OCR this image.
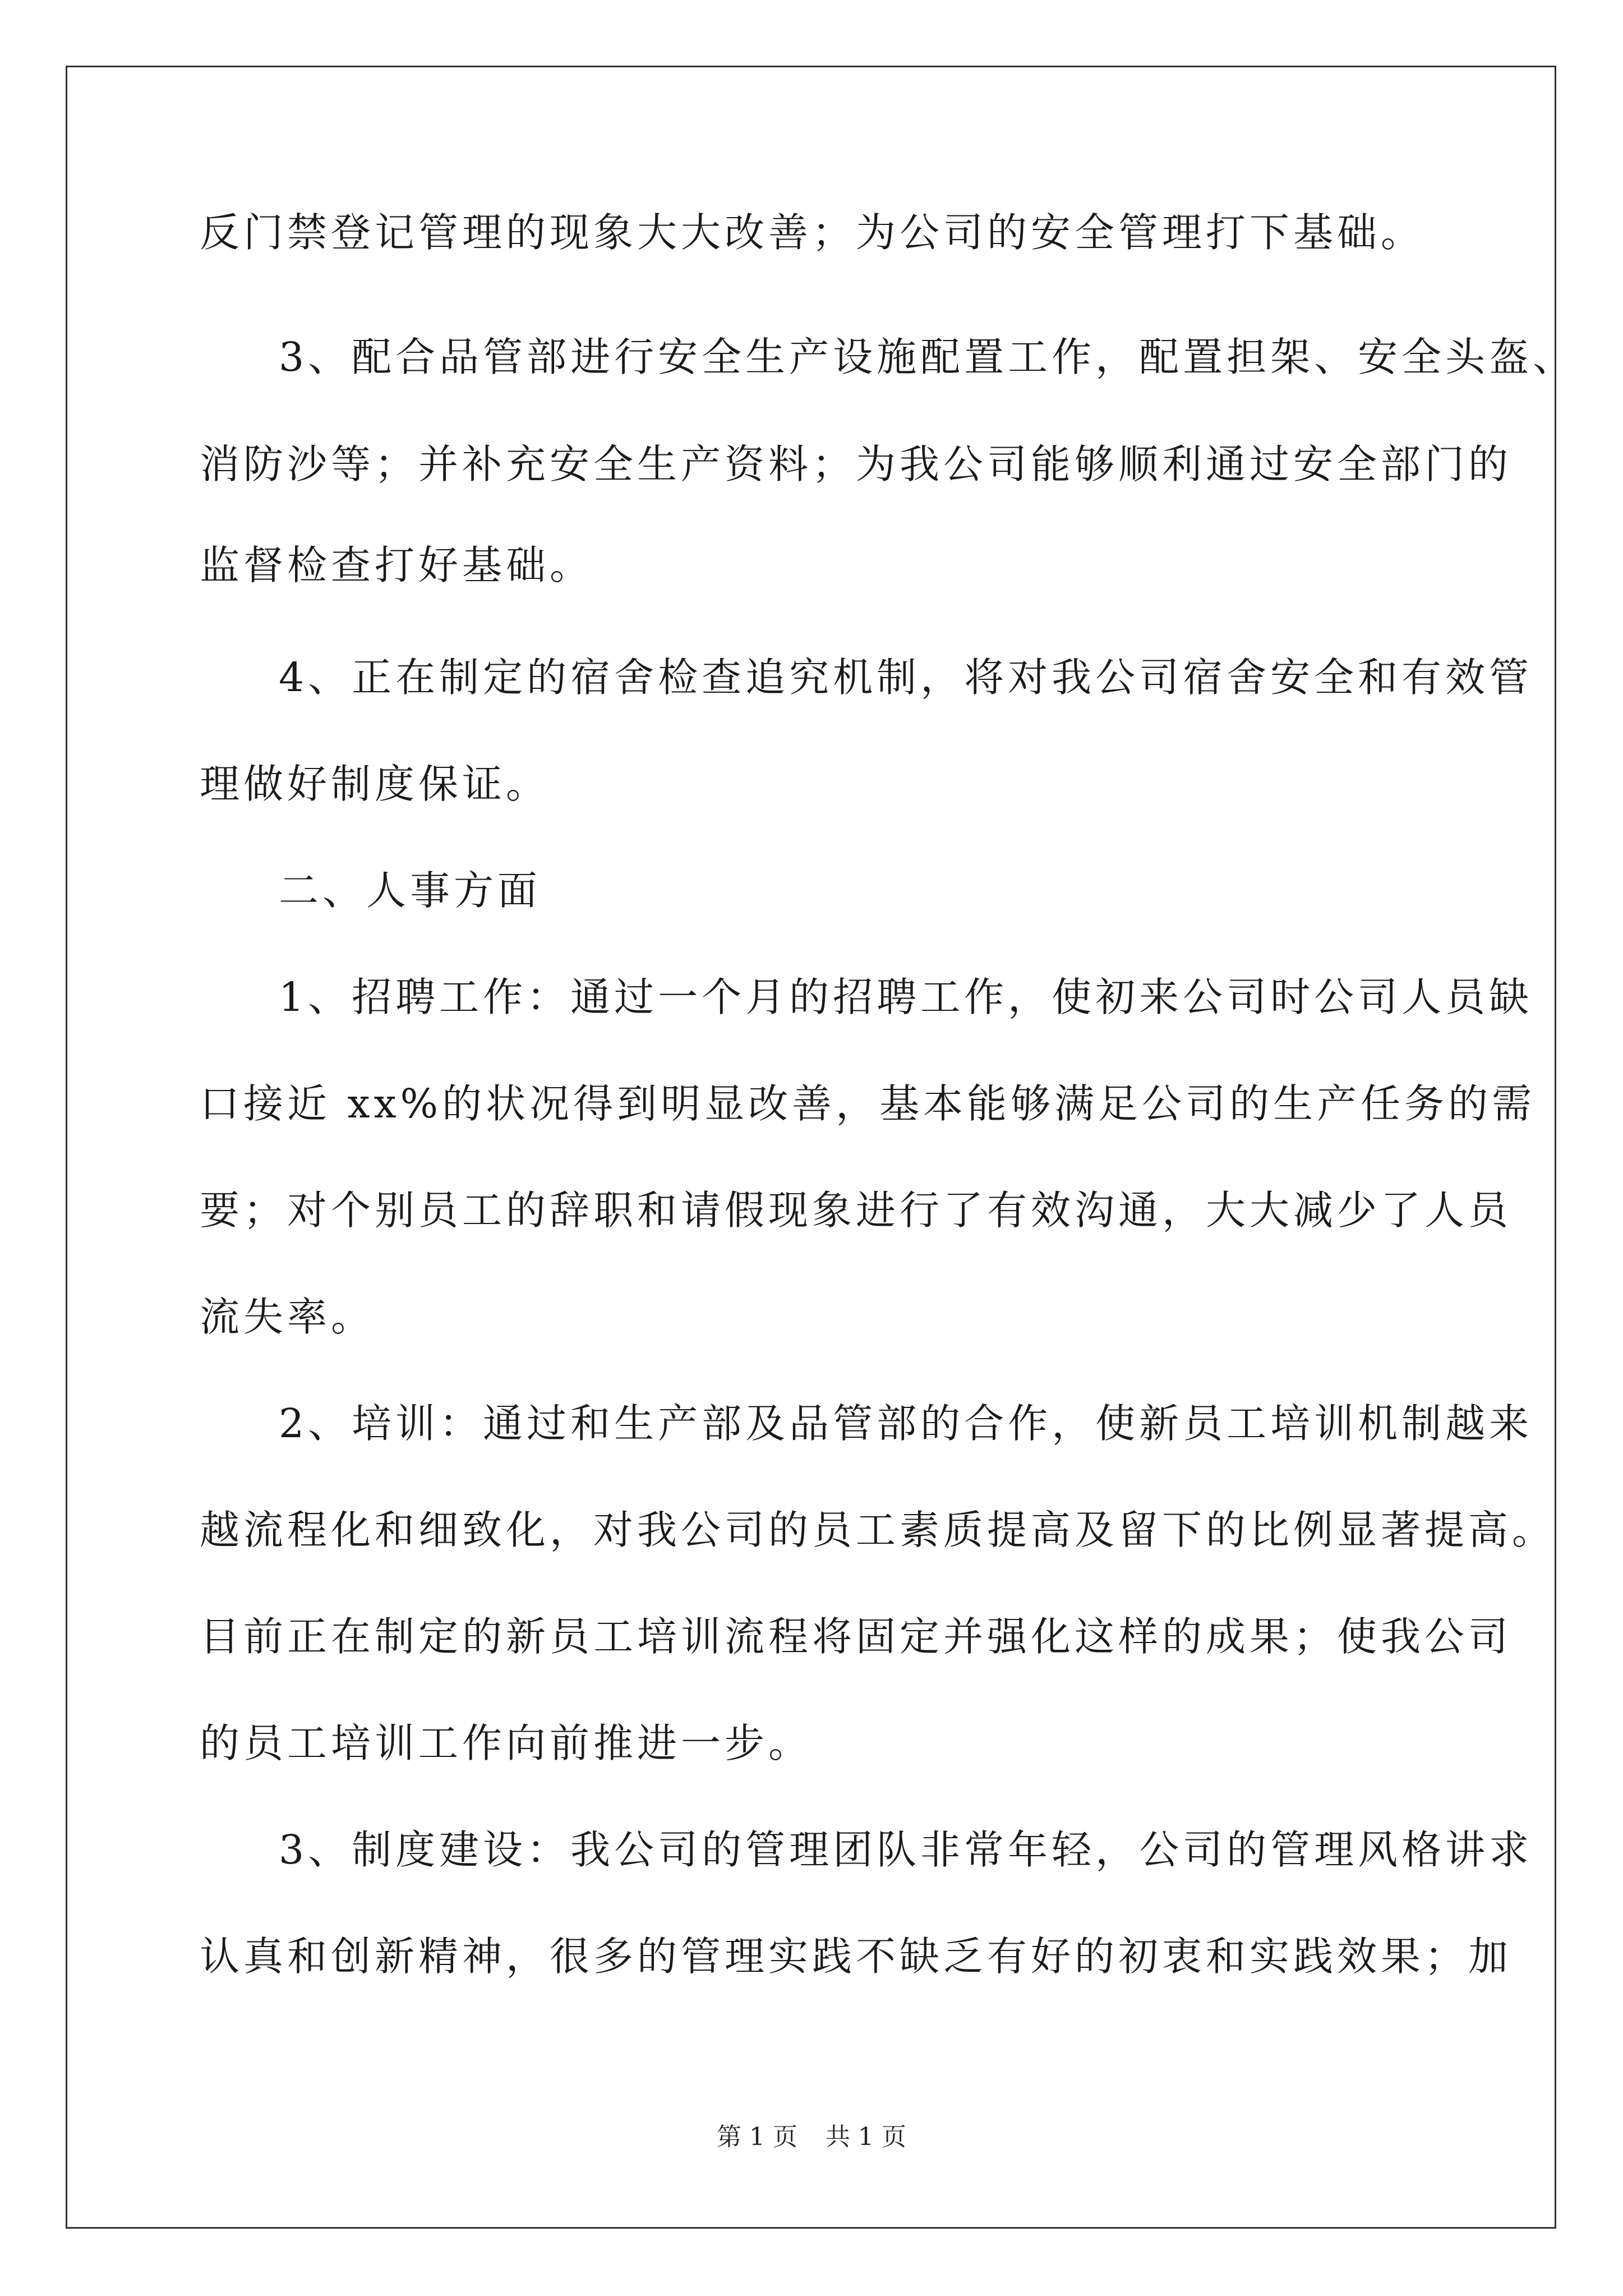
反门禁登记管理的现象大大改善；为公司的安全管理打下基础。
3、配合品管部进行安全生产设施配置工作，配置担架、安全头盔、
消防沙等；并补充安全生产资料；为我公司能够顺利通过安全部门的
监督检查打好基础。
4、正在制定的宿舍检查追究机制，将对我公司宿舍安全和有效管
理做好制度保证。
二、人事方面
1、招聘工作：通过一个月的招聘工作，使初来公司时公司人员缺
口接近 xx%的状况得到明显改善，基本能够满足公司的生产任务的需
要；对个别员工的辞职和请假现象进行了有效沟通，大大减少了人员
流失率。
2、培训：通过和生产部及品管部的合作，使新员工培训机制越来
越流程化和细致化，对我公司的员工素质提高及留下的比例显著提高。
目前正在制定的新员工培训流程将固定并强化这样的成果；使我公司
的员工培训工作向前推进一步。
3、制度建设：我公司的管理团队非常年轻，公司的管理风格讲求
认真和创新精神，很多的管理实践不缺乏有好的初衷和实践效果；加
第 1 页 共 1 页
